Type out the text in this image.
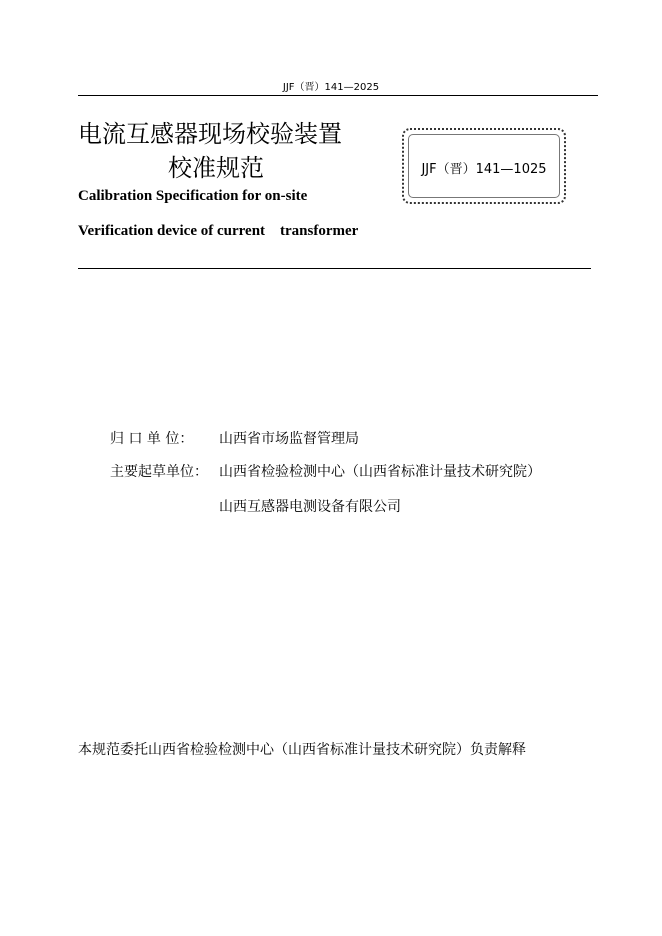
JJF（晋）141—2025
电流互感器现场校验装置
校准规范	JJF（晋）141—1025
Calibration Specification for on-site
Verification device of current    transformer
归 口 单 位： 山西省市场监督管理局
主要起草单位： 山西省检验检测中心（山西省标准计量技术研究院）
山西互感器电测设备有限公司
本规范委托山西省检验检测中心（山西省标准计量技术研究院）负责解释
